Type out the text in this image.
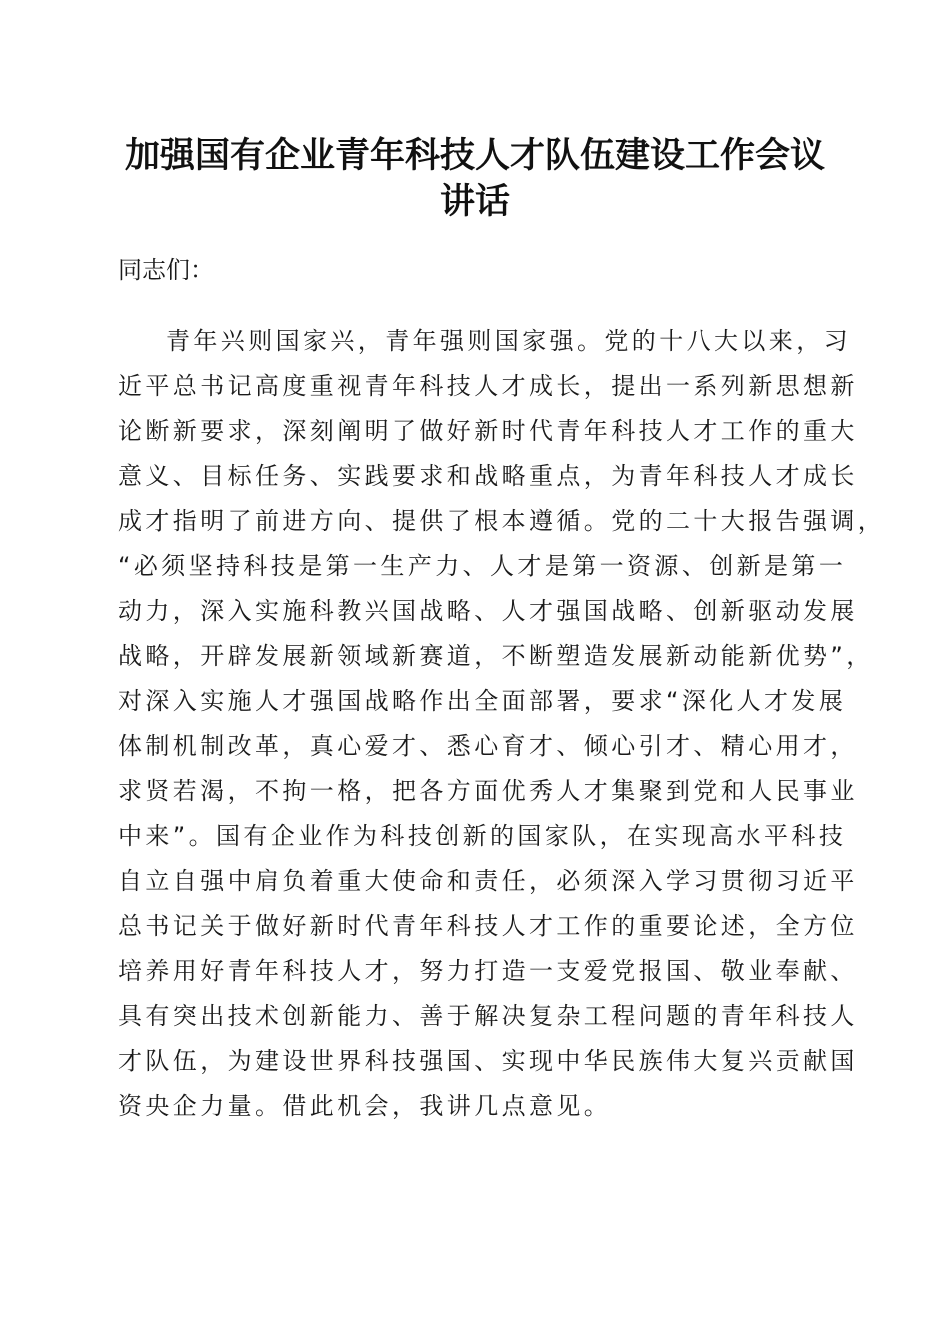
加强国有企业青年科技人才队伍建设工作会议
讲话
同志们：
青年兴则国家兴，青年强则国家强。党的十八大以来，习
近平总书记高度重视青年科技人才成长，提出一系列新思想新
论断新要求，深刻阐明了做好新时代青年科技人才工作的重大
意义、目标任务、实践要求和战略重点，为青年科技人才成长
成才指明了前进方向、提供了根本遵循。党的二十大报告强调，
“必须坚持科技是第一生产力、人才是第一资源、创新是第一
动力，深入实施科教兴国战略、人才强国战略、创新驱动发展
战略，开辟发展新领域新赛道，不断塑造发展新动能新优势”，
对深入实施人才强国战略作出全面部署，要求“深化人才发展
体制机制改革，真心爱才、悉心育才、倾心引才、精心用才，
求贤若渴，不拘一格，把各方面优秀人才集聚到党和人民事业
中来”。国有企业作为科技创新的国家队，在实现高水平科技
自立自强中肩负着重大使命和责任，必须深入学习贯彻习近平
总书记关于做好新时代青年科技人才工作的重要论述，全方位
培养用好青年科技人才，努力打造一支爱党报国、敬业奉献、
具有突出技术创新能力、善于解决复杂工程问题的青年科技人
才队伍，为建设世界科技强国、实现中华民族伟大复兴贡献国
资央企力量。借此机会，我讲几点意见。
